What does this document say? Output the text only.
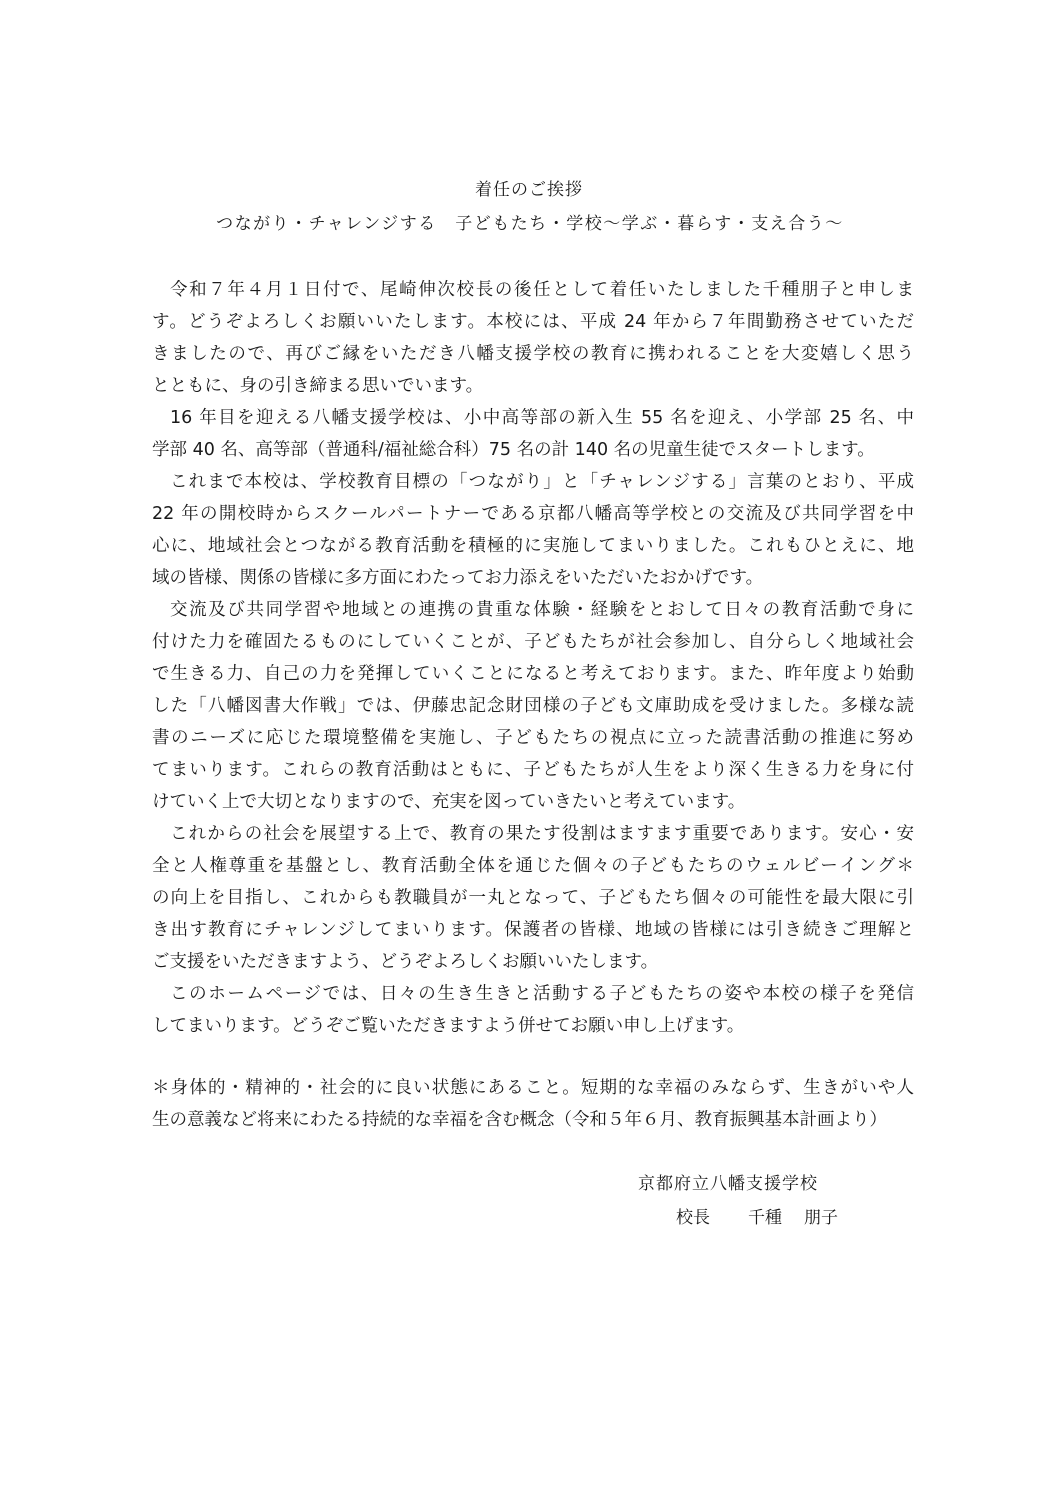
着任のご挨拶
つながり・チャレンジする　子どもたち・学校～学ぶ・暮らす・支え合う～
令和７年４月１日付で、尾崎伸次校長の後任として着任いたしました千種朋子と申しま
す。どうぞよろしくお願いいたします。本校には、平成 24 年から７年間勤務させていただ
きましたので、再びご縁をいただき八幡支援学校の教育に携われることを大変嬉しく思う
とともに、身の引き締まる思いでいます。
16 年目を迎える八幡支援学校は、小中高等部の新入生 55 名を迎え、小学部 25 名、中
学部 40 名、高等部（普通科/福祉総合科）75 名の計 140 名の児童生徒でスタートします。
これまで本校は、学校教育目標の「つながり」と「チャレンジする」言葉のとおり、平成
22 年の開校時からスクールパートナーである京都八幡高等学校との交流及び共同学習を中
心に、地域社会とつながる教育活動を積極的に実施してまいりました。これもひとえに、地
域の皆様、関係の皆様に多方面にわたってお力添えをいただいたおかげです。
交流及び共同学習や地域との連携の貴重な体験・経験をとおして日々の教育活動で身に
付けた力を確固たるものにしていくことが、子どもたちが社会参加し、自分らしく地域社会
で生きる力、自己の力を発揮していくことになると考えております。また、昨年度より始動
した「八幡図書大作戦」では、伊藤忠記念財団様の子ども文庫助成を受けました。多様な読
書のニーズに応じた環境整備を実施し、子どもたちの視点に立った読書活動の推進に努め
てまいります。これらの教育活動はともに、子どもたちが人生をより深く生きる力を身に付
けていく上で大切となりますので、充実を図っていきたいと考えています。
これからの社会を展望する上で、教育の果たす役割はますます重要であります。安心・安
全と人権尊重を基盤とし、教育活動全体を通じた個々の子どもたちのウェルビーイング＊
の向上を目指し、これからも教職員が一丸となって、子どもたち個々の可能性を最大限に引
き出す教育にチャレンジしてまいります。保護者の皆様、地域の皆様には引き続きご理解と
ご支援をいただきますよう、どうぞよろしくお願いいたします。
このホームページでは、日々の生き生きと活動する子どもたちの姿や本校の様子を発信
してまいります。どうぞご覧いただきますよう併せてお願い申し上げます。
＊身体的・精神的・社会的に良い状態にあること。短期的な幸福のみならず、生きがいや人
生の意義など将来にわたる持続的な幸福を含む概念（令和５年６月、教育振興基本計画より）
京都府立八幡支援学校
校長 千種 朋子
